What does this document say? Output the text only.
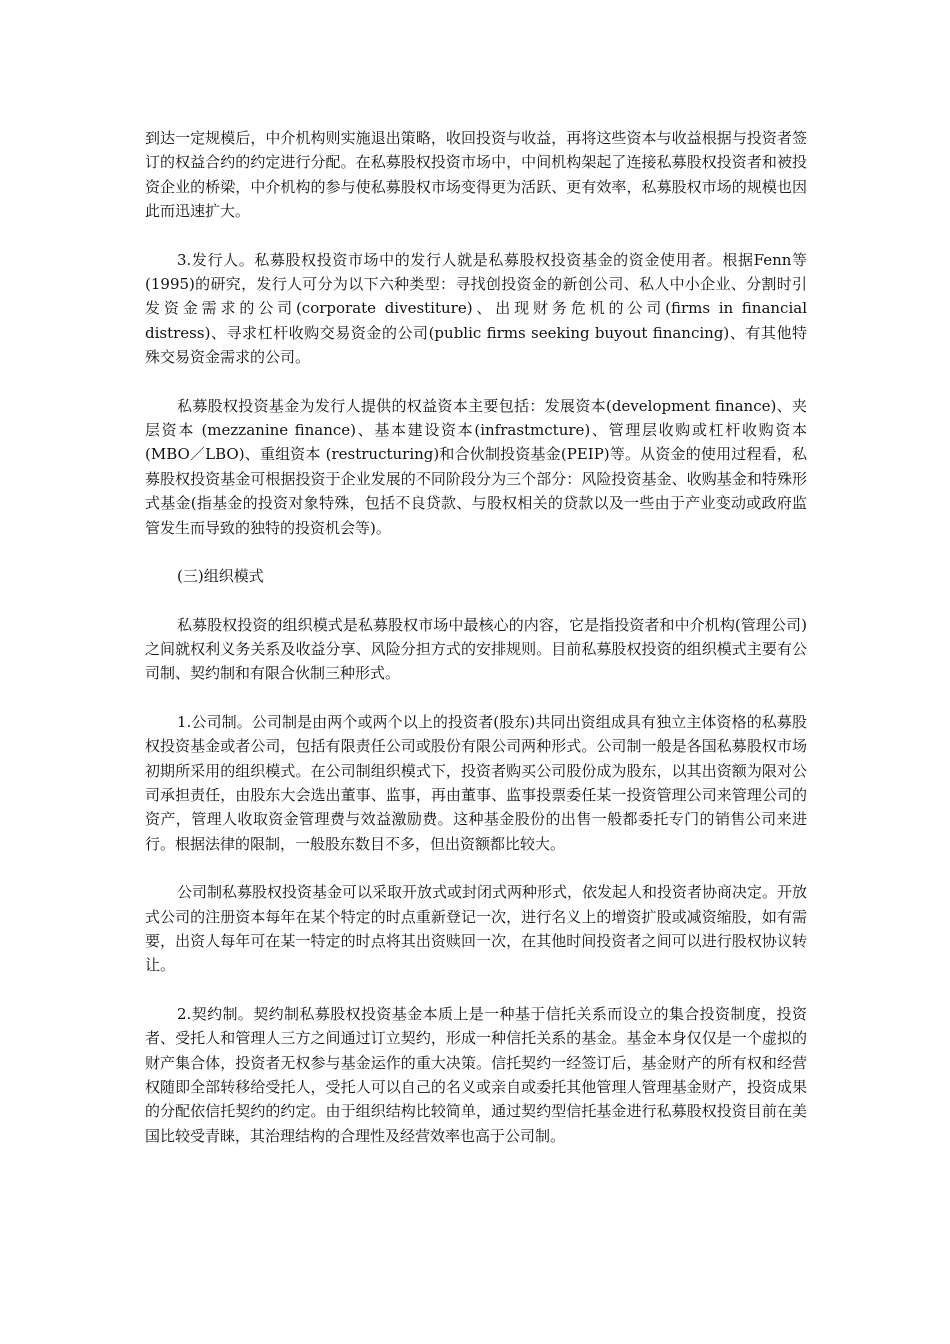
到达一定规模后，中介机构则实施退出策略，收回投资与收益，再将这些资本与收益根据与投资者签订的权益合约的约定进行分配。在私募股权投资市场中，中间机构架起了连接私募股权投资者和被投资企业的桥梁，中介机构的参与使私募股权市场变得更为活跃、更有效率，私募股权市场的规模也因此而迅速扩大。

3.发行人。私募股权投资市场中的发行人就是私募股权投资基金的资金使用者。根据Fenn等 (1995)的研究，发行人可分为以下六种类型：寻找创投资金的新创公司、私人中小企业、分割时引发资金需求的公司(corporate divestiture)、出现财务危机的公司(firms in financial distress)、寻求杠杆收购交易资金的公司(public firms seeking buyout financing)、有其他特殊交易资金需求的公司。

私募股权投资基金为发行人提供的权益资本主要包括：发展资本(development finance)、夹层资本 (mezzanine finance)、基本建设资本(infrastmcture)、管理层收购或杠杆收购资本(MBO／LBO)、重组资本 (restructuring)和合伙制投资基金(PEIP)等。从资金的使用过程看，私募股权投资基金可根据投资于企业发展的不同阶段分为三个部分：风险投资基金、收购基金和特殊形式基金(指基金的投资对象特殊，包括不良贷款、与股权相关的贷款以及一些由于产业变动或政府监管发生而导致的独特的投资机会等)。

(三)组织模式

私募股权投资的组织模式是私募股权市场中最核心的内容，它是指投资者和中介机构(管理公司)之间就权利义务关系及收益分享、风险分担方式的安排规则。目前私募股权投资的组织模式主要有公司制、契约制和有限合伙制三种形式。

1.公司制。公司制是由两个或两个以上的投资者(股东)共同出资组成具有独立主体资格的私募股权投资基金或者公司，包括有限责任公司或股份有限公司两种形式。公司制一般是各国私募股权市场初期所采用的组织模式。在公司制组织模式下，投资者购买公司股份成为股东，以其出资额为限对公司承担责任，由股东大会选出董事、监事，再由董事、监事投票委任某一投资管理公司来管理公司的资产，管理人收取资金管理费与效益激励费。这种基金股份的出售一般都委托专门的销售公司来进行。根据法律的限制，一般股东数目不多，但出资额都比较大。

公司制私募股权投资基金可以采取开放式或封闭式两种形式，依发起人和投资者协商决定。开放式公司的注册资本每年在某个特定的时点重新登记一次，进行名义上的增资扩股或减资缩股，如有需要，出资人每年可在某一特定的时点将其出资赎回一次，在其他时间投资者之间可以进行股权协议转让。

2.契约制。契约制私募股权投资基金本质上是一种基于信托关系而设立的集合投资制度，投资者、受托人和管理人三方之间通过订立契约，形成一种信托关系的基金。基金本身仅仅是一个虚拟的财产集合体，投资者无权参与基金运作的重大决策。信托契约一经签订后，基金财产的所有权和经营权随即全部转移给受托人，受托人可以自己的名义或亲自或委托其他管理人管理基金财产，投资成果的分配依信托契约的约定。由于组织结构比较简单，通过契约型信托基金进行私募股权投资目前在美国比较受青睐，其治理结构的合理性及经营效率也高于公司制。
